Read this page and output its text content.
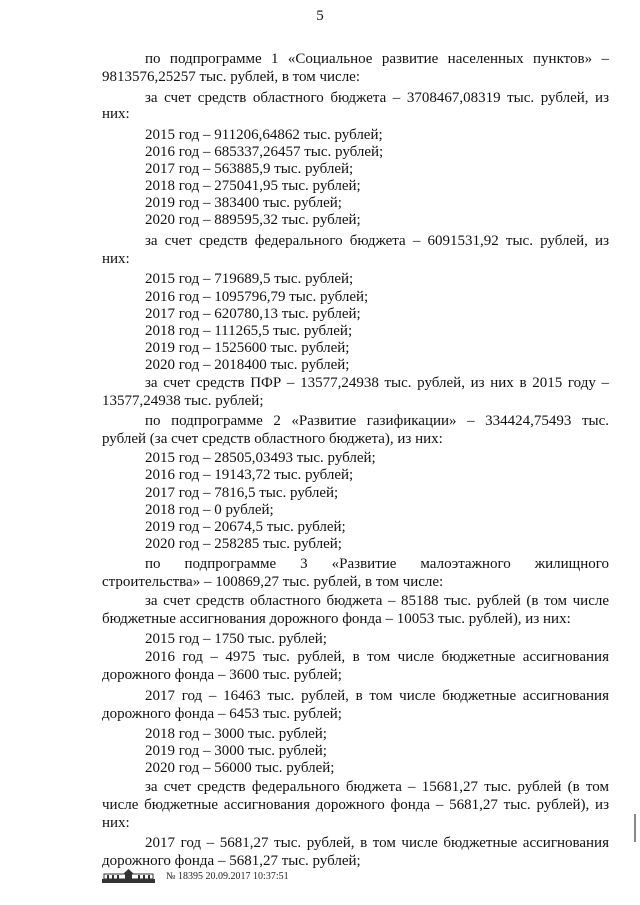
5
по подпрограмме 1 «Социальное развитие населенных пунктов» –
9813576,25257 тыс. рублей, в том числе:
за счет средств областного бюджета – 3708467,08319 тыс. рублей, из
них:
2015 год – 911206,64862 тыс. рублей;
2016 год – 685337,26457 тыс. рублей;
2017 год – 563885,9 тыс. рублей;
2018 год – 275041,95 тыс. рублей;
2019 год – 383400 тыс. рублей;
2020 год – 889595,32 тыс. рублей;
за счет средств федерального бюджета – 6091531,92 тыс. рублей, из
них:
2015 год – 719689,5 тыс. рублей;
2016 год – 1095796,79 тыс. рублей;
2017 год – 620780,13 тыс. рублей;
2018 год – 111265,5 тыс. рублей;
2019 год – 1525600 тыс. рублей;
2020 год – 2018400 тыс. рублей;
за счет средств ПФР – 13577,24938 тыс. рублей, из них в 2015 году –
13577,24938 тыс. рублей;
по подпрограмме 2 «Развитие газификации» – 334424,75493 тыс.
рублей (за счет средств областного бюджета), из них:
2015 год – 28505,03493 тыс. рублей;
2016 год – 19143,72 тыс. рублей;
2017 год – 7816,5 тыс. рублей;
2018 год – 0 рублей;
2019 год – 20674,5 тыс. рублей;
2020 год – 258285 тыс. рублей;
по подпрограмме 3 «Развитие малоэтажного жилищного
строительства» – 100869,27 тыс. рублей, в том числе:
за счет средств областного бюджета – 85188 тыс. рублей (в том числе
бюджетные ассигнования дорожного фонда – 10053 тыс. рублей), из них:
2015 год – 1750 тыс. рублей;
2016 год – 4975 тыс. рублей, в том числе бюджетные ассигнования
дорожного фонда – 3600 тыс. рублей;
2017 год – 16463 тыс. рублей, в том числе бюджетные ассигнования
дорожного фонда – 6453 тыс. рублей;
2018 год – 3000 тыс. рублей;
2019 год – 3000 тыс. рублей;
2020 год – 56000 тыс. рублей;
за счет средств федерального бюджета – 15681,27 тыс. рублей (в том
числе бюджетные ассигнования дорожного фонда – 5681,27 тыс. рублей), из
них:
2017 год – 5681,27 тыс. рублей, в том числе бюджетные ассигнования
дорожного фонда – 5681,27 тыс. рублей;
№ 18395 20.09.2017 10:37:51
